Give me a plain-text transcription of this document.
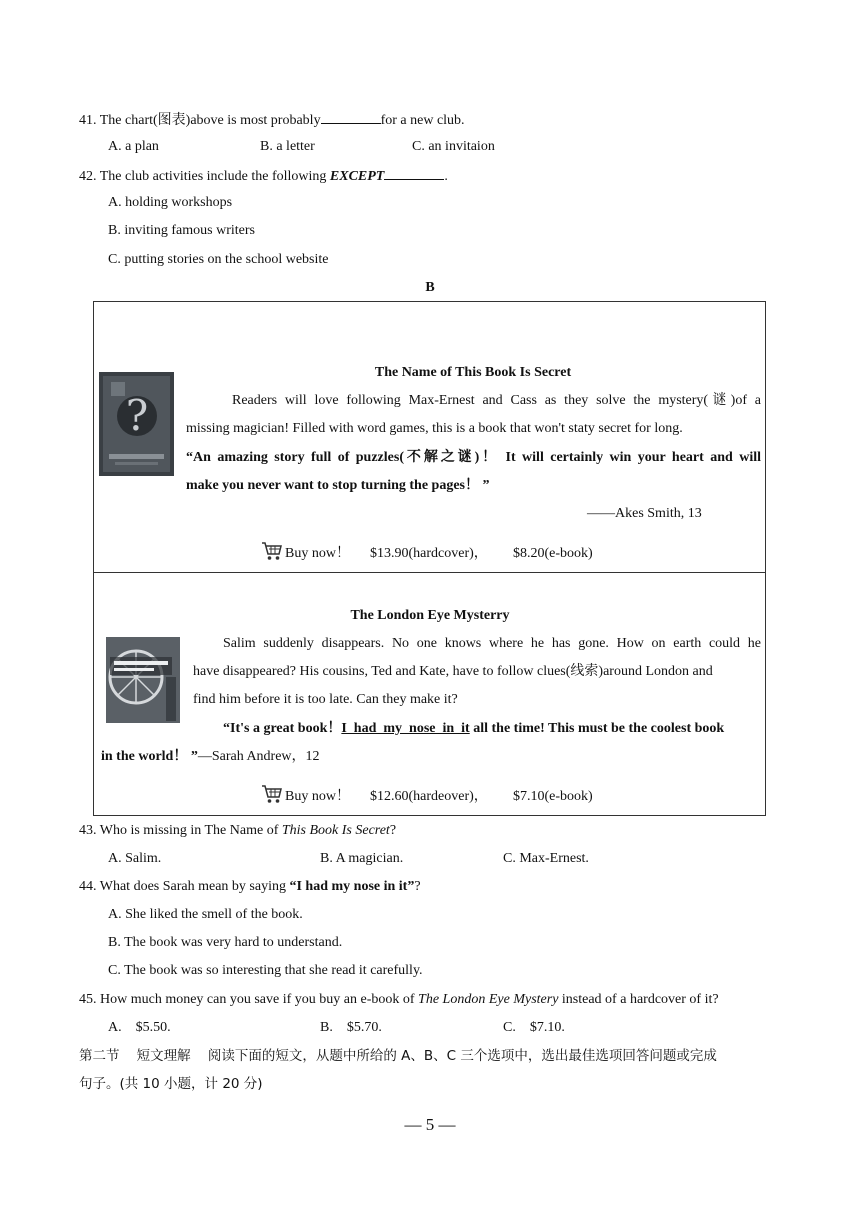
41. The chart(图表)above is most probably	for a new club.
A. a plan	B. a letter	C. an invitaion
42. The club activities include the following EXCEPT	.
A. holding workshops
B. inviting famous writers
C. putting stories on the school website
B
?
The Name of This Book Is Secret
Readers will love following Max-Ernest and Cass as they solve the mystery(谜)of a
missing magician! Filled with word games, this is a book that won't staty secret for long.
“An amazing story full of puzzles(不解之谜)！ It will certainly win your heart and will
make you never want to stop turning the pages！ ”
——Akes Smith, 13
Buy now！ $13.90(hardcover)， $8.20(e-book)
The London Eye Mysterry
Salim suddenly disappears. No one knows where he has gone. How on earth could he
have disappeared? His cousins, Ted and Kate, have to follow clues(线索)around London and
find him before it is too late. Can they make it?
“It's a great book！I  had  my  nose  in  it all the time! This must be the coolest book
in the world！ ”—Sarah Andrew，12
Buy now！ $12.60(hardeover)， $7.10(e-book)
43. Who is missing in The Name of This Book Is Secret?
A. Salim.	B. A magician.	C. Max-Ernest.
44. What does Sarah mean by saying “I had my nose in it”?
A. She liked the smell of the book.
B. The book was very hard to understand.
C. The book was so interesting that she read it carefully.
45. How much money can you save if you buy an e-book of The London Eye Mystery instead of a hardcover of it?
A.    $5.50.	B.    $5.70.	C.    $7.10.
第二节    短文理解    阅读下面的短文，从题中所给的 A、B、C 三个选项中，选出最佳选项回答问题或完成
句子。(共 10 小题，计 20 分)
— 5 —
